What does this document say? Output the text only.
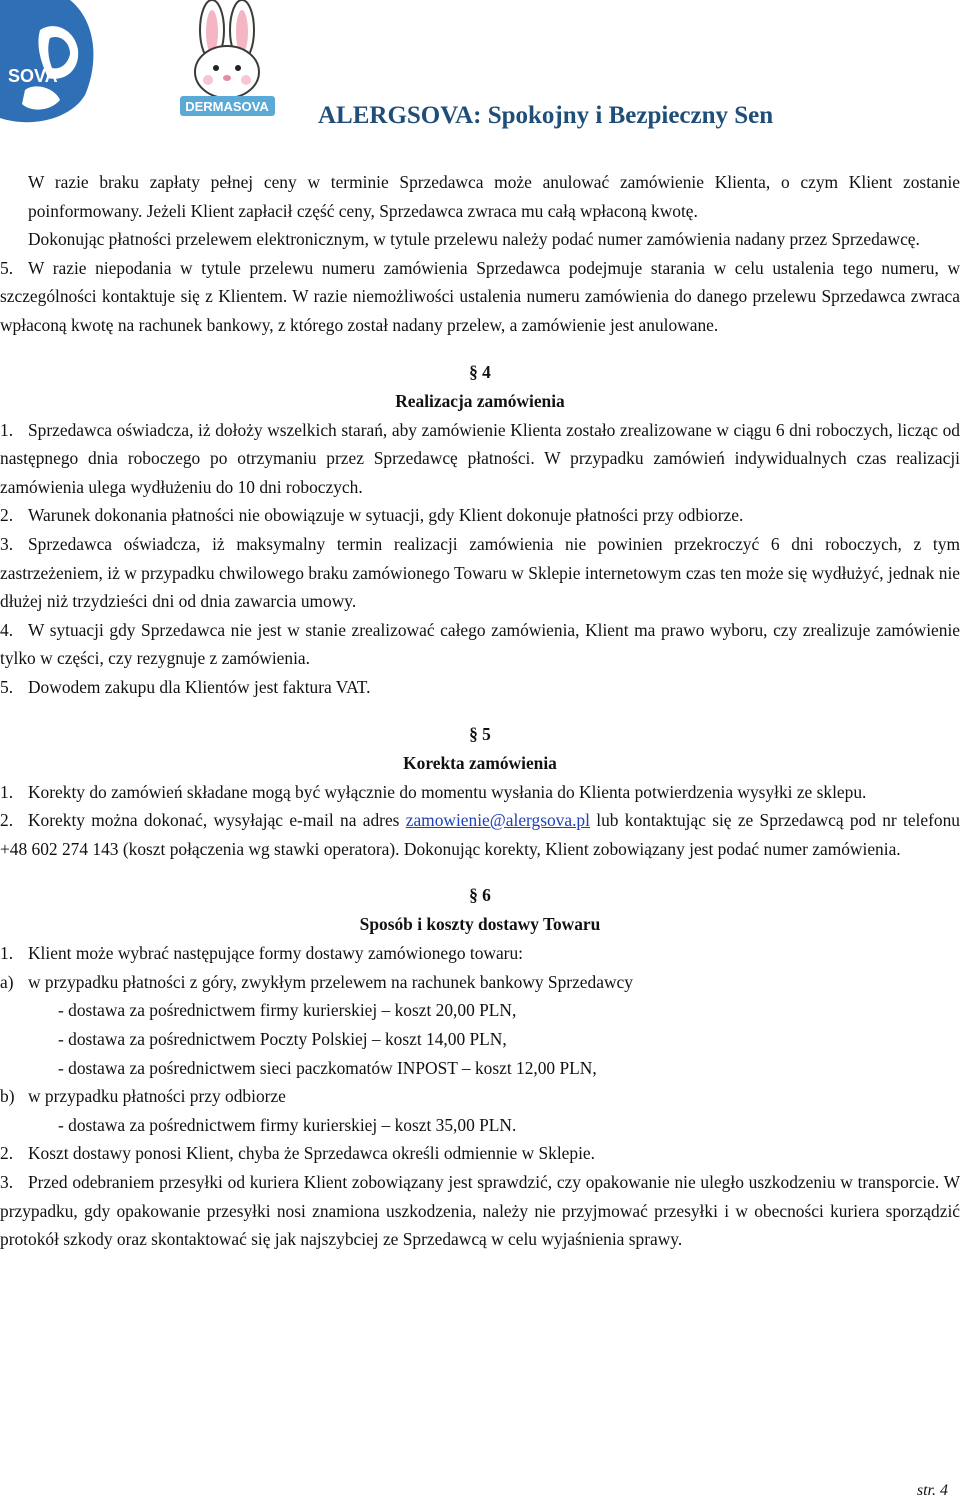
SOVA
DERMASOVA ALERGSOVA: Spokojny i Bezpieczny Sen

W razie braku zapłaty pełnej ceny w terminie Sprzedawca może anulować zamówienie Klienta, o czym Klient zostanie poinformowany. Jeżeli Klient zapłacił część ceny, Sprzedawca zwraca mu całą wpłaconą kwotę.

Dokonując płatności przelewem elektronicznym, w tytule przelewu należy podać numer zamówienia nadany przez Sprzedawcę.

5. W razie niepodania w tytule przelewu numeru zamówienia Sprzedawca podejmuje starania w celu ustalenia tego numeru, w szczególności kontaktuje się z Klientem. W razie niemożliwości ustalenia numeru zamówienia do danego przelewu Sprzedawca zwraca wpłaconą kwotę na rachunek bankowy, z którego został nadany przelew, a zamówienie jest anulowane.

§ 4

Realizacja zamówienia

1. Sprzedawca oświadcza, iż dołoży wszelkich starań, aby zamówienie Klienta zostało zrealizowane w ciągu 6 dni roboczych, licząc od następnego dnia roboczego po otrzymaniu przez Sprzedawcę płatności. W przypadku zamówień indywidualnych czas realizacji zamówienia ulega wydłużeniu do 10 dni roboczych.

2. Warunek dokonania płatności nie obowiązuje w sytuacji, gdy Klient dokonuje płatności przy odbiorze.

3. Sprzedawca oświadcza, iż maksymalny termin realizacji zamówienia nie powinien przekroczyć 6 dni roboczych, z tym zastrzeżeniem, iż w przypadku chwilowego braku zamówionego Towaru w Sklepie internetowym czas ten może się wydłużyć, jednak nie dłużej niż trzydzieści dni od dnia zawarcia umowy.

4. W sytuacji gdy Sprzedawca nie jest w stanie zrealizować całego zamówienia, Klient ma prawo wyboru, czy zrealizuje zamówienie tylko w części, czy rezygnuje z zamówienia.

5. Dowodem zakupu dla Klientów jest faktura VAT.

§ 5

Korekta zamówienia

1. Korekty do zamówień składane mogą być wyłącznie do momentu wysłania do Klienta potwierdzenia wysyłki ze sklepu.

2. Korekty można dokonać, wysyłając e-mail na adres zamowienie@alergsova.pl lub kontaktując się ze Sprzedawcą pod nr telefonu +48 602 274 143 (koszt połączenia wg stawki operatora). Dokonując korekty, Klient zobowiązany jest podać numer zamówienia.

§ 6

Sposób i koszty dostawy Towaru

1. Klient może wybrać następujące formy dostawy zamówionego towaru:

a) w przypadku płatności z góry, zwykłym przelewem na rachunek bankowy Sprzedawcy

- dostawa za pośrednictwem firmy kurierskiej – koszt 20,00 PLN,

- dostawa za pośrednictwem Poczty Polskiej – koszt 14,00 PLN,

- dostawa za pośrednictwem sieci paczkomatów INPOST – koszt 12,00 PLN,

b) w przypadku płatności przy odbiorze

- dostawa za pośrednictwem firmy kurierskiej – koszt 35,00 PLN.

2. Koszt dostawy ponosi Klient, chyba że Sprzedawca określi odmiennie w Sklepie.

3. Przed odebraniem przesyłki od kuriera Klient zobowiązany jest sprawdzić, czy opakowanie nie uległo uszkodzeniu w transporcie. W przypadku, gdy opakowanie przesyłki nosi znamiona uszkodzenia, należy nie przyjmować przesyłki i w obecności kuriera sporządzić protokół szkody oraz skontaktować się jak najszybciej ze Sprzedawcą w celu wyjaśnienia sprawy.

str. 4
